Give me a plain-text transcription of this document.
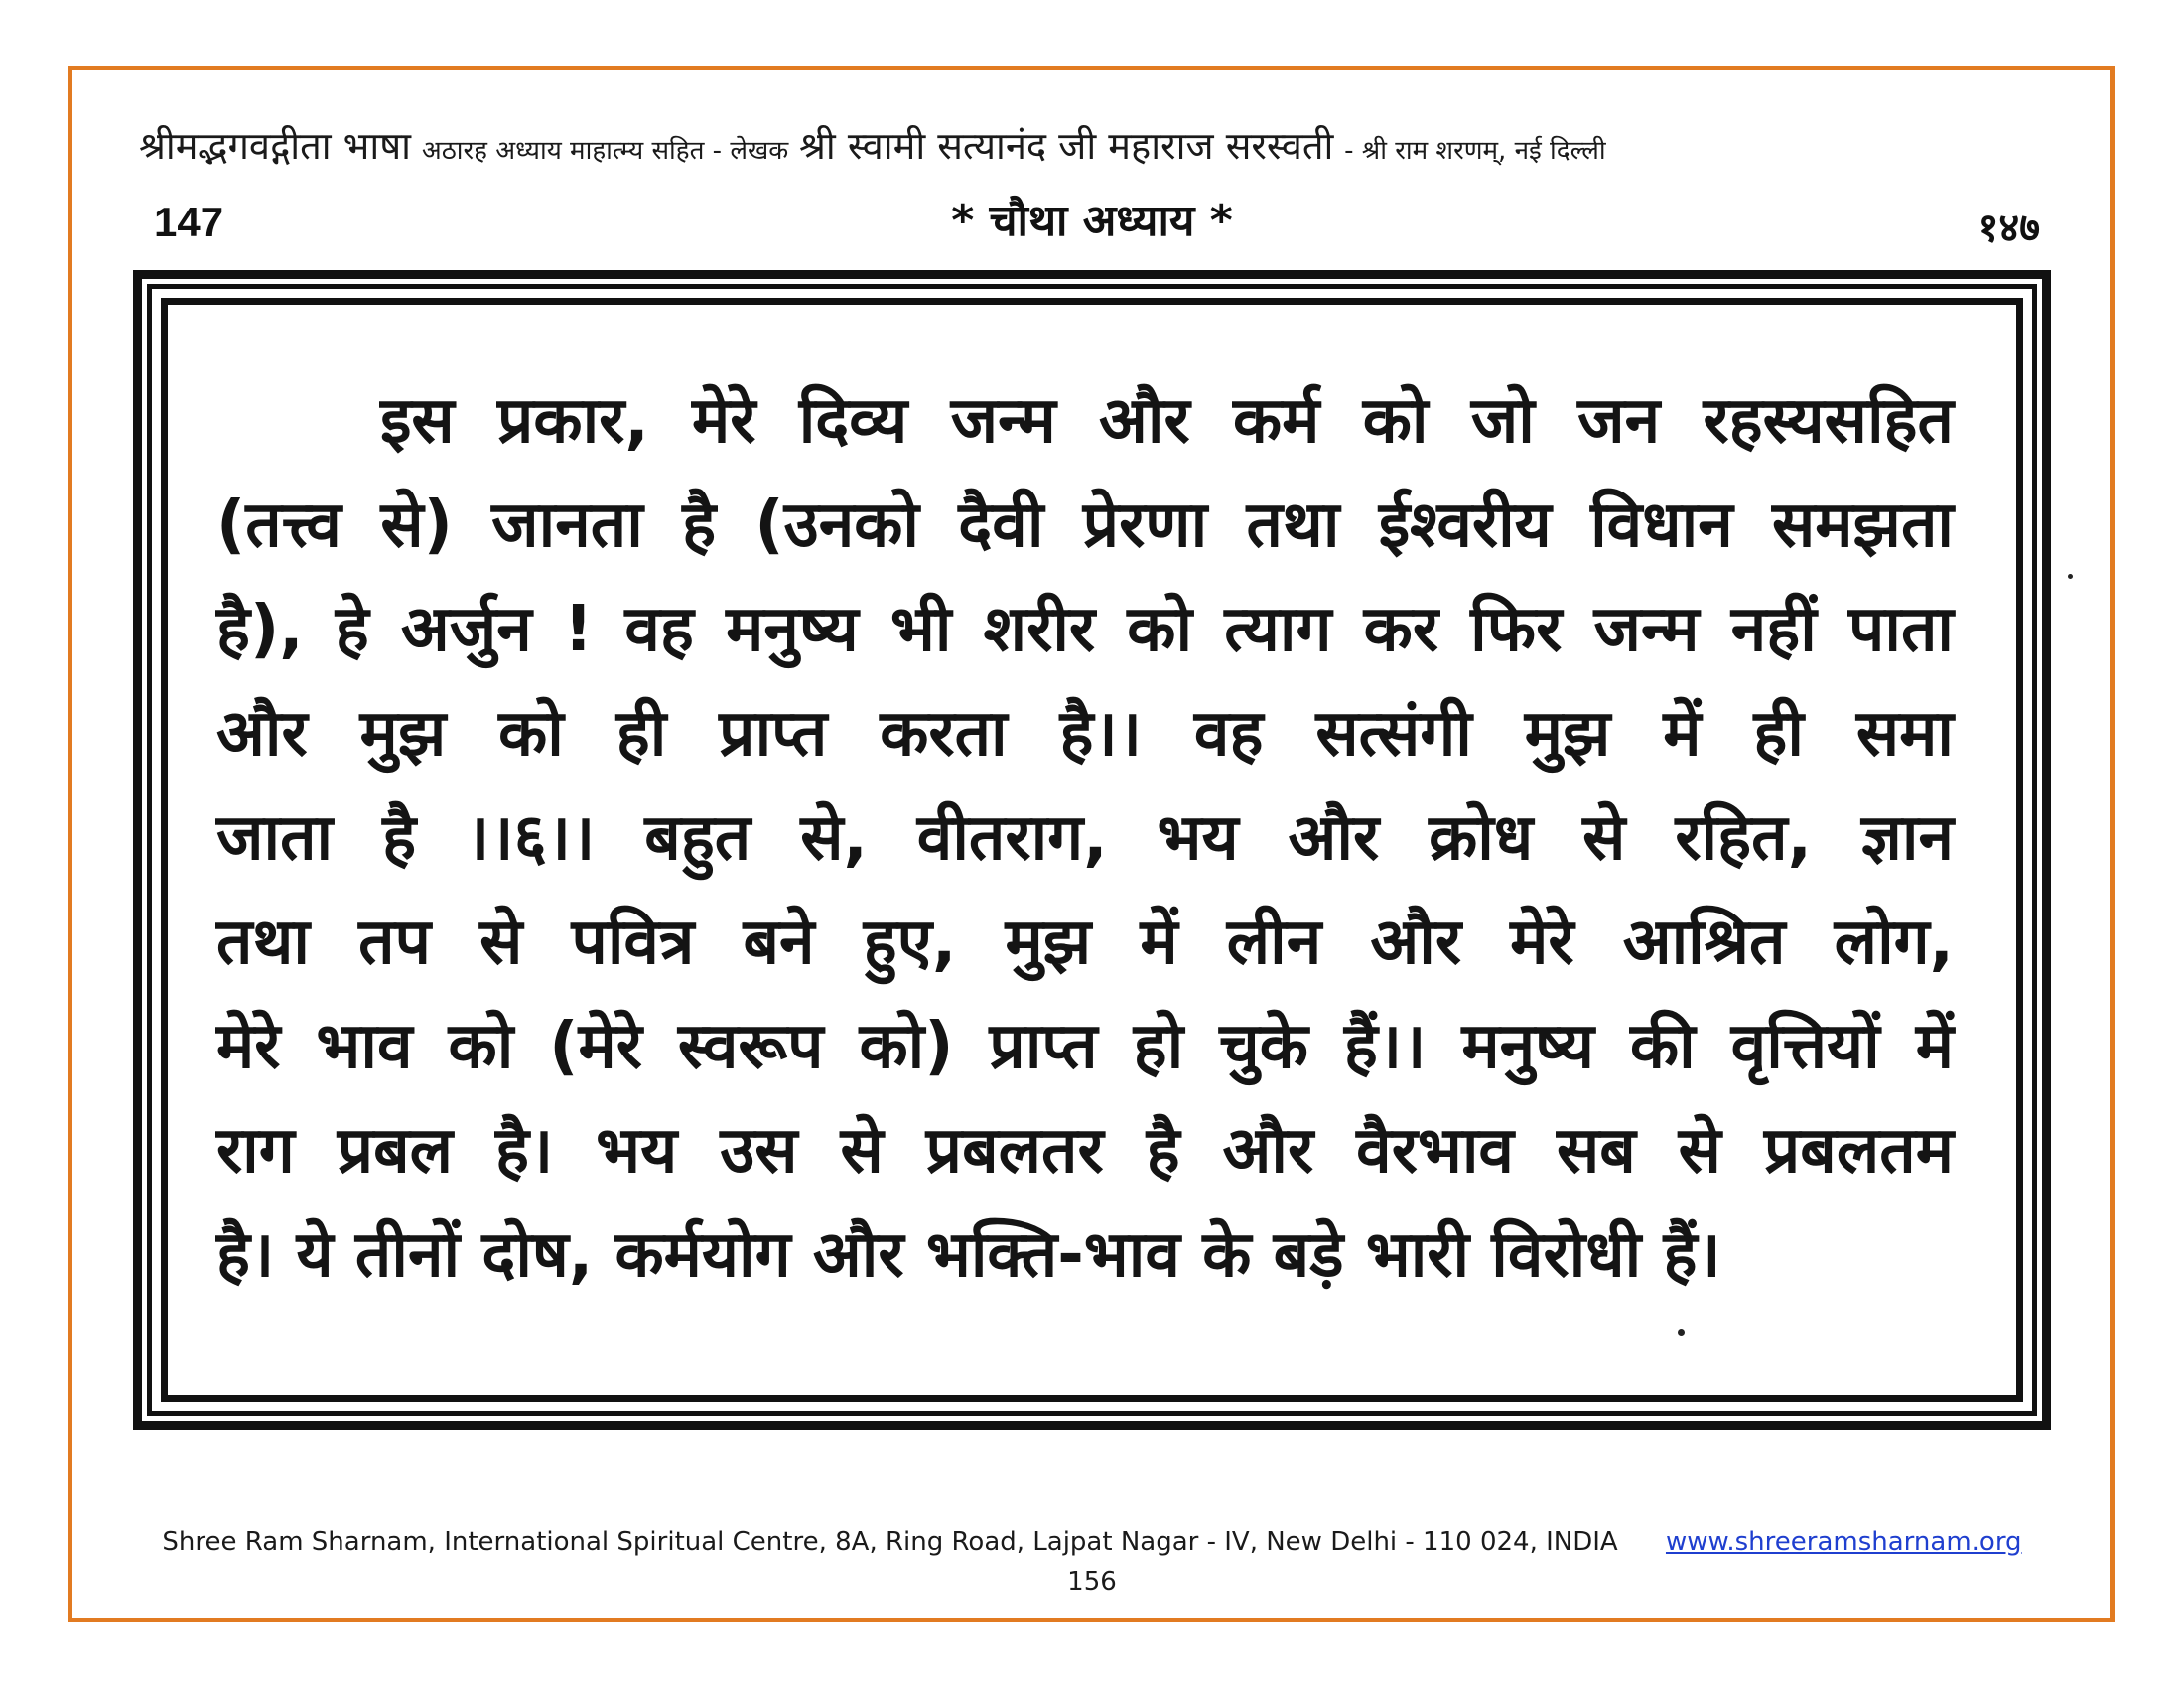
श्रीमद्भगवद्गीता भाषा अठारह अध्याय माहात्म्य सहित - लेखक श्री स्वामी सत्यानंद जी महाराज सरस्वती - श्री राम शरणम्, नई दिल्ली
147	* चौथा अध्याय *	१४७
इस प्रकार, मेरे दिव्य जन्म और कर्म को जो जन रहस्यसहित
(तत्त्व से) जानता है (उनको दैवी प्रेरणा तथा ईश्वरीय विधान समझता
है), हे अर्जुन ! वह मनुष्य भी शरीर को त्याग कर फिर जन्म नहीं पाता
और मुझ को ही प्राप्त करता है।। वह सत्संगी मुझ में ही समा
जाता है ।।६।। बहुत से, वीतराग, भय और क्रोध से रहित, ज्ञान
तथा तप से पवित्र बने हुए, मुझ में लीन और मेरे आश्रित लोग,
मेरे भाव को (मेरे स्वरूप को) प्राप्त हो चुके हैं।। मनुष्य की वृत्तियों में
राग प्रबल है। भय उस से प्रबलतर है और वैरभाव सब से प्रबलतम
है। ये तीनों दोष, कर्मयोग और भक्ति-भाव के बड़े भारी विरोधी हैं।
Shree Ram Sharnam, International Spiritual Centre, 8A, Ring Road, Lajpat Nagar - IV, New Delhi - 110 024, INDIA www.shreeramsharnam.org
156
